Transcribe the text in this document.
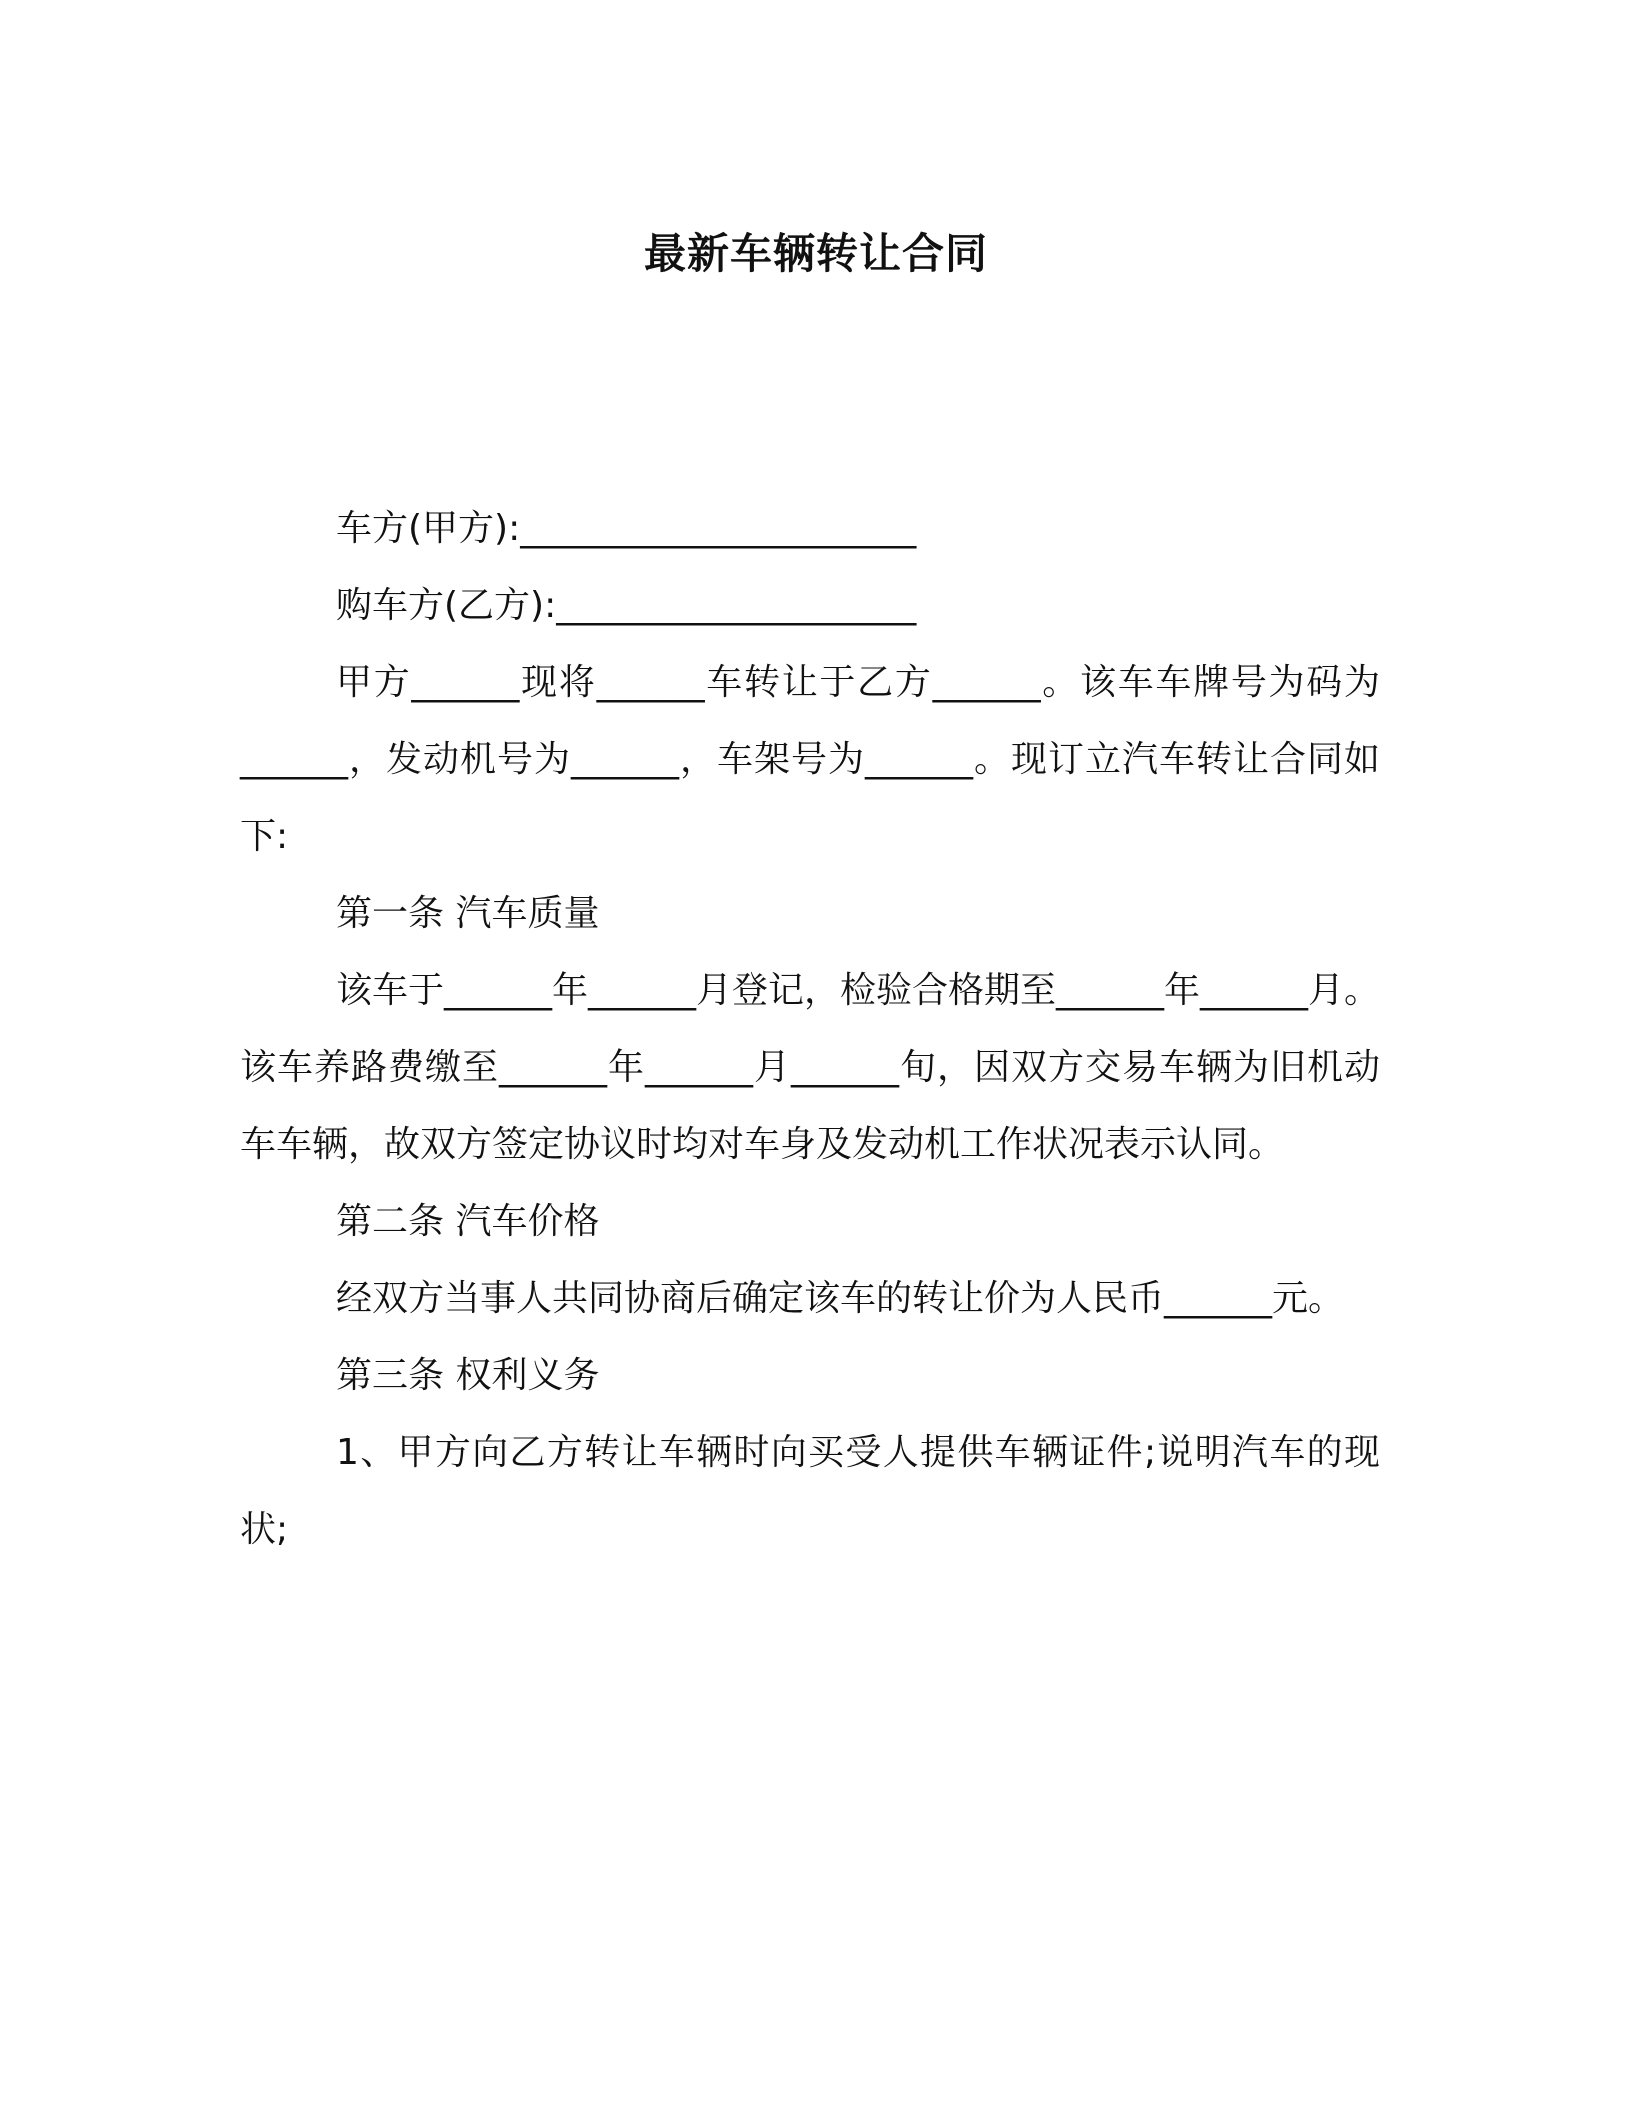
最新车辆转让合同

车方(甲方):______________________

购车方(乙方):____________________

甲方______现将______车转让于乙方______。该车车牌号为码为______，发动机号为______，车架号为______。现订立汽车转让合同如下:

第一条 汽车质量

该车于______年______月登记，检验合格期至______年______月。该车养路费缴至______年______月______旬，因双方交易车辆为旧机动车车辆，故双方签定协议时均对车身及发动机工作状况表示认同。

第二条 汽车价格

经双方当事人共同协商后确定该车的转让价为人民币______元。

第三条 权利义务

1、甲方向乙方转让车辆时向买受人提供车辆证件;说明汽车的现状;
